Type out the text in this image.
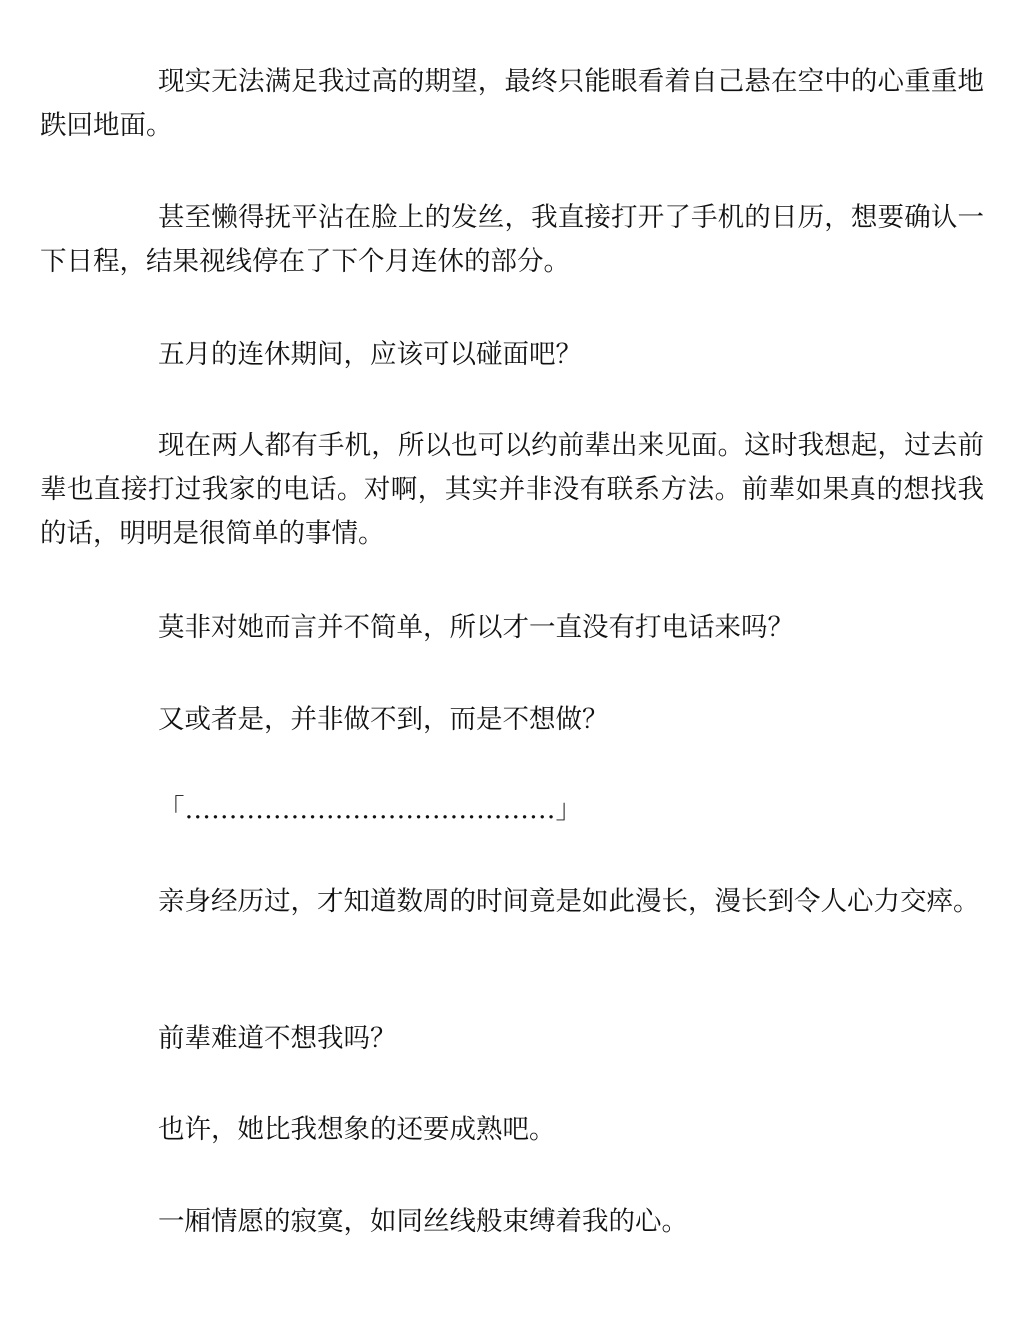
现实无法满足我过高的期望，最终只能眼看着自己悬在空中的心重重地跌回地面。

甚至懒得抚平沾在脸上的发丝，我直接打开了手机的日历，想要确认一下日程，结果视线停在了下个月连休的部分。

五月的连休期间，应该可以碰面吧？

现在两人都有手机，所以也可以约前辈出来见面。这时我想起，过去前辈也直接打过我家的电话。对啊，其实并非没有联系方法。前辈如果真的想找我的话，明明是很简单的事情。

莫非对她而言并不简单，所以才一直没有打电话来吗？

又或者是，并非做不到，而是不想做？

「……………………………………」

亲身经历过，才知道数周的时间竟是如此漫长，漫长到令人心力交瘁。

前辈难道不想我吗？

也许，她比我想象的还要成熟吧。

一厢情愿的寂寞，如同丝线般束缚着我的心。
